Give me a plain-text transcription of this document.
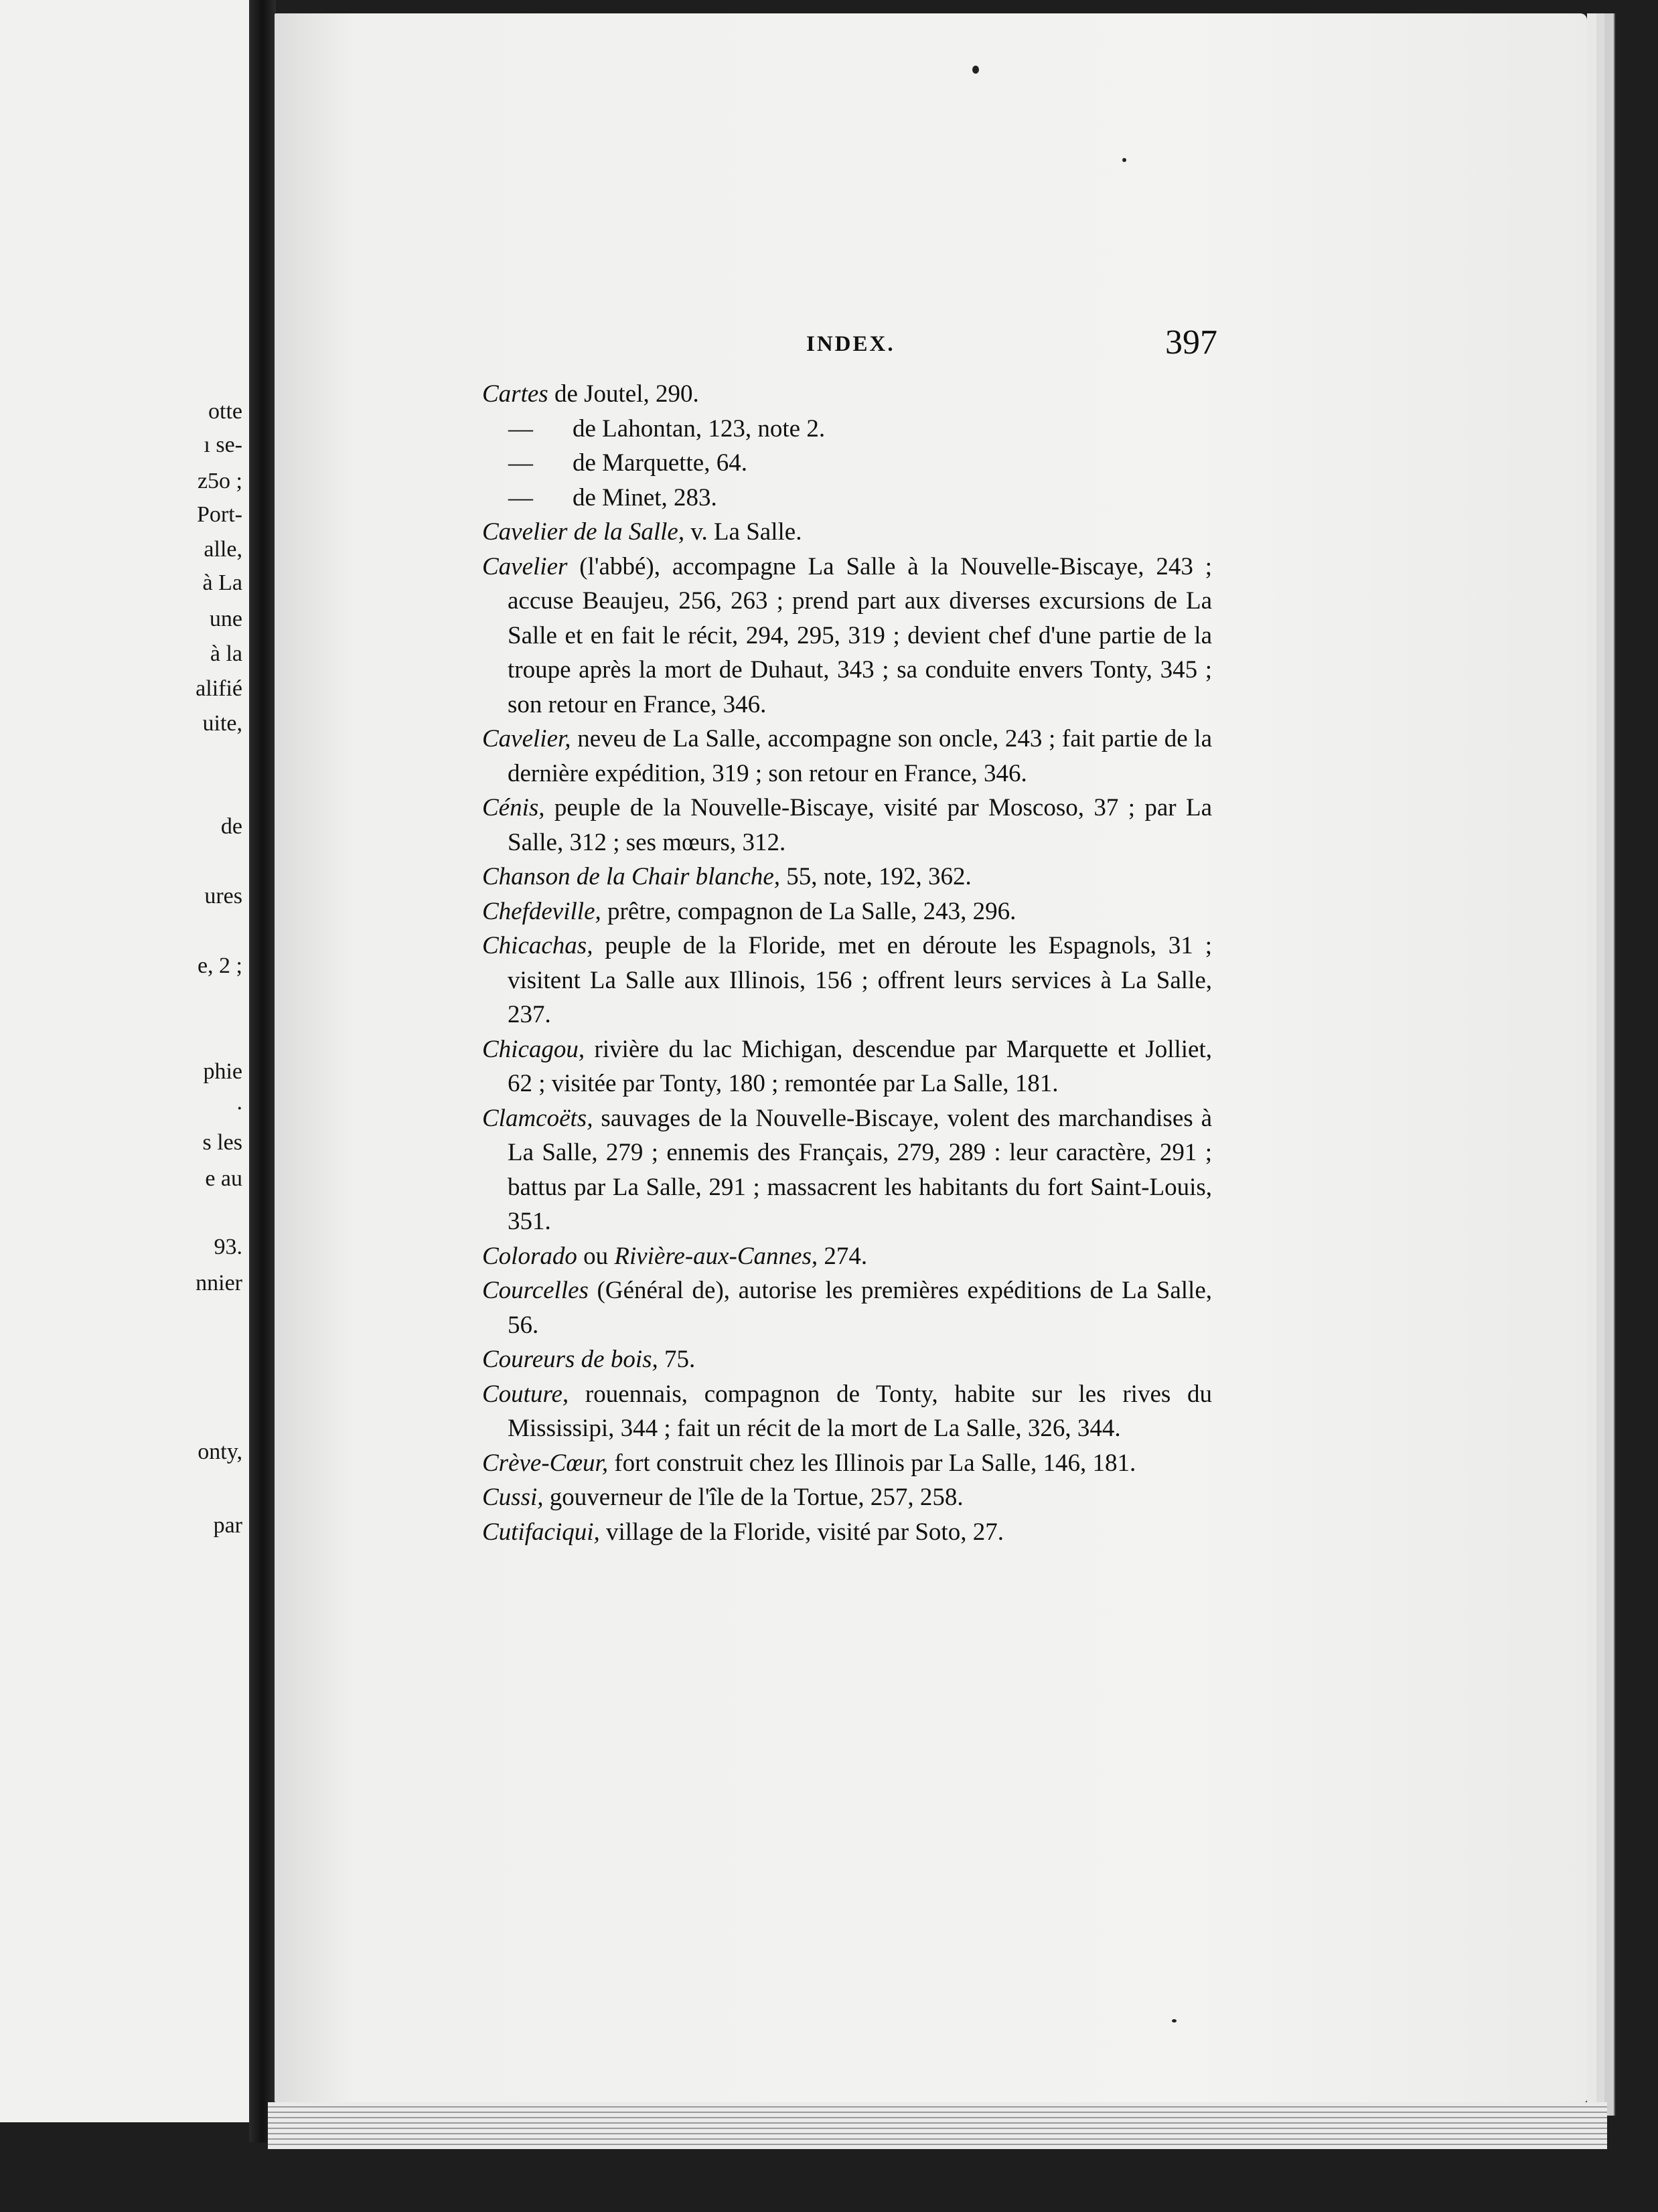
otte

ı se-

z5o ;

Port-

alle,

à La

une

à la

alifié

uite,

de

ures

e, 2 ;

phie

.

s les

e au

93.

nnier

onty,

par

INDEX.	397

Cartes de Joutel, 290.

— de Lahontan, 123, note 2.

— de Marquette, 64.

— de Minet, 283.

Cavelier de la Salle, v. La Salle.

Cavelier (l'abbé), accompagne La Salle à la Nouvelle-Biscaye, 243 ; accuse Beaujeu, 256, 263 ; prend part aux diverses excursions de La Salle et en fait le récit, 294, 295, 319 ; devient chef d'une partie de la troupe après la mort de Duhaut, 343 ; sa conduite envers Tonty, 345 ; son retour en France, 346.

Cavelier, neveu de La Salle, accompagne son oncle, 243 ; fait partie de la dernière expédition, 319 ; son retour en France, 346.

Cénis, peuple de la Nouvelle-Biscaye, visité par Moscoso, 37 ; par La Salle, 312 ; ses mœurs, 312.

Chanson de la Chair blanche, 55, note, 192, 362.

Chefdeville, prêtre, compagnon de La Salle, 243, 296.

Chicachas, peuple de la Floride, met en déroute les Espagnols, 31 ; visitent La Salle aux Illinois, 156 ; offrent leurs services à La Salle, 237.

Chicagou, rivière du lac Michigan, descendue par Marquette et Jolliet, 62 ; visitée par Tonty, 180 ; remontée par La Salle, 181.

Clamcoëts, sauvages de la Nouvelle-Biscaye, volent des marchandises à La Salle, 279 ; ennemis des Français, 279, 289 : leur caractère, 291 ; battus par La Salle, 291 ; massacrent les habitants du fort Saint-Louis, 351.

Colorado ou Rivière-aux-Cannes, 274.

Courcelles (Général de), autorise les premières expéditions de La Salle, 56.

Coureurs de bois, 75.

Couture, rouennais, compagnon de Tonty, habite sur les rives du Mississipi, 344 ; fait un récit de la mort de La Salle, 326, 344.

Crève-Cœur, fort construit chez les Illinois par La Salle, 146, 181.

Cussi, gouverneur de l'île de la Tortue, 257, 258.

Cutifaciqui, village de la Floride, visité par Soto, 27.
